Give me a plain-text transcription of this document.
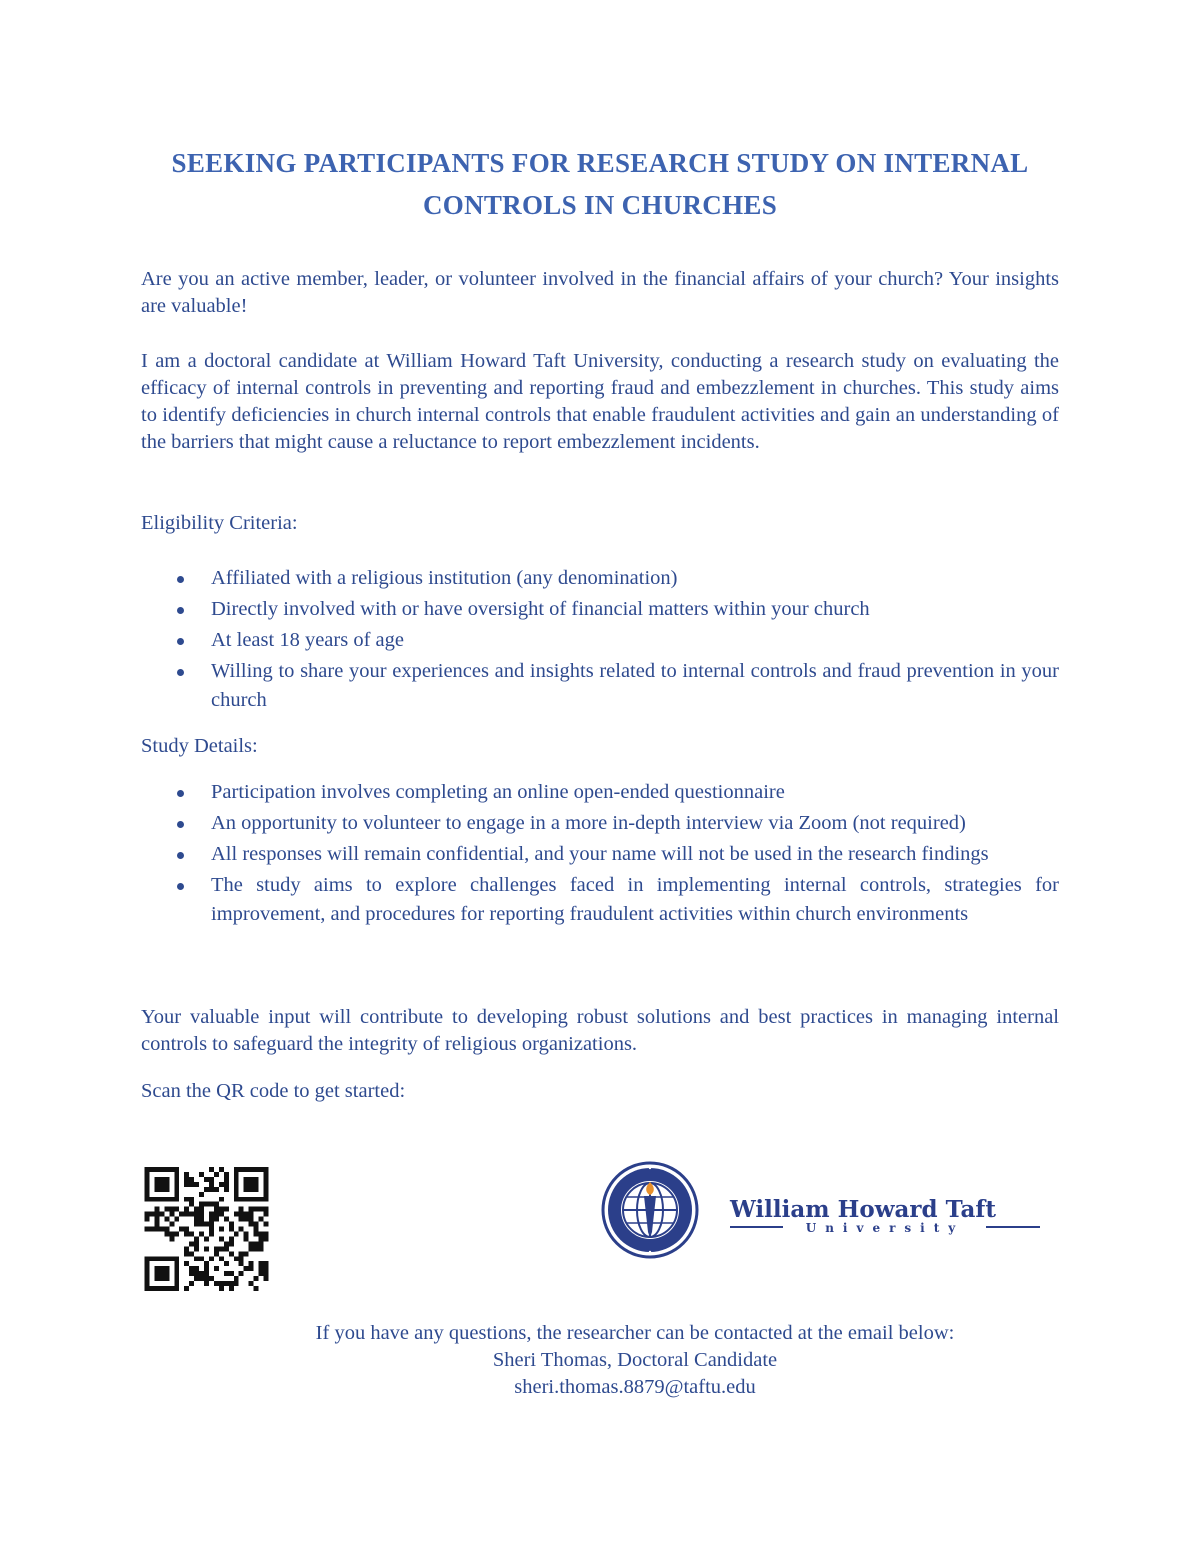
SEEKING PARTICIPANTS FOR RESEARCH STUDY ON INTERNAL CONTROLS IN CHURCHES

Are you an active member, leader, or volunteer involved in the financial affairs of your church? Your insights are valuable!

I am a doctoral candidate at William Howard Taft University, conducting a research study on evaluating the efficacy of internal controls in preventing and reporting fraud and embezzlement in churches. This study aims to identify deficiencies in church internal controls that enable fraudulent activities and gain an understanding of the barriers that might cause a reluctance to report embezzlement incidents.

Eligibility Criteria:
Affiliated with a religious institution (any denomination)
Directly involved with or have oversight of financial matters within your church
At least 18 years of age
Willing to share your experiences and insights related to internal controls and fraud prevention in your church
Study Details:
Participation involves completing an online open-ended questionnaire
An opportunity to volunteer to engage in a more in-depth interview via Zoom (not required)
All responses will remain confidential, and your name will not be used in the research findings
The study aims to explore challenges faced in implementing internal controls, strategies for improvement, and procedures for reporting fraudulent activities within church environments

Your valuable input will contribute to developing robust solutions and best practices in managing internal controls to safeguard the integrity of religious organizations.

Scan the QR code to get started:
William Howard Taft
University
If you have any questions, the researcher can be contacted at the email below:
Sheri Thomas, Doctoral Candidate
sheri.thomas.8879@taftu.edu
